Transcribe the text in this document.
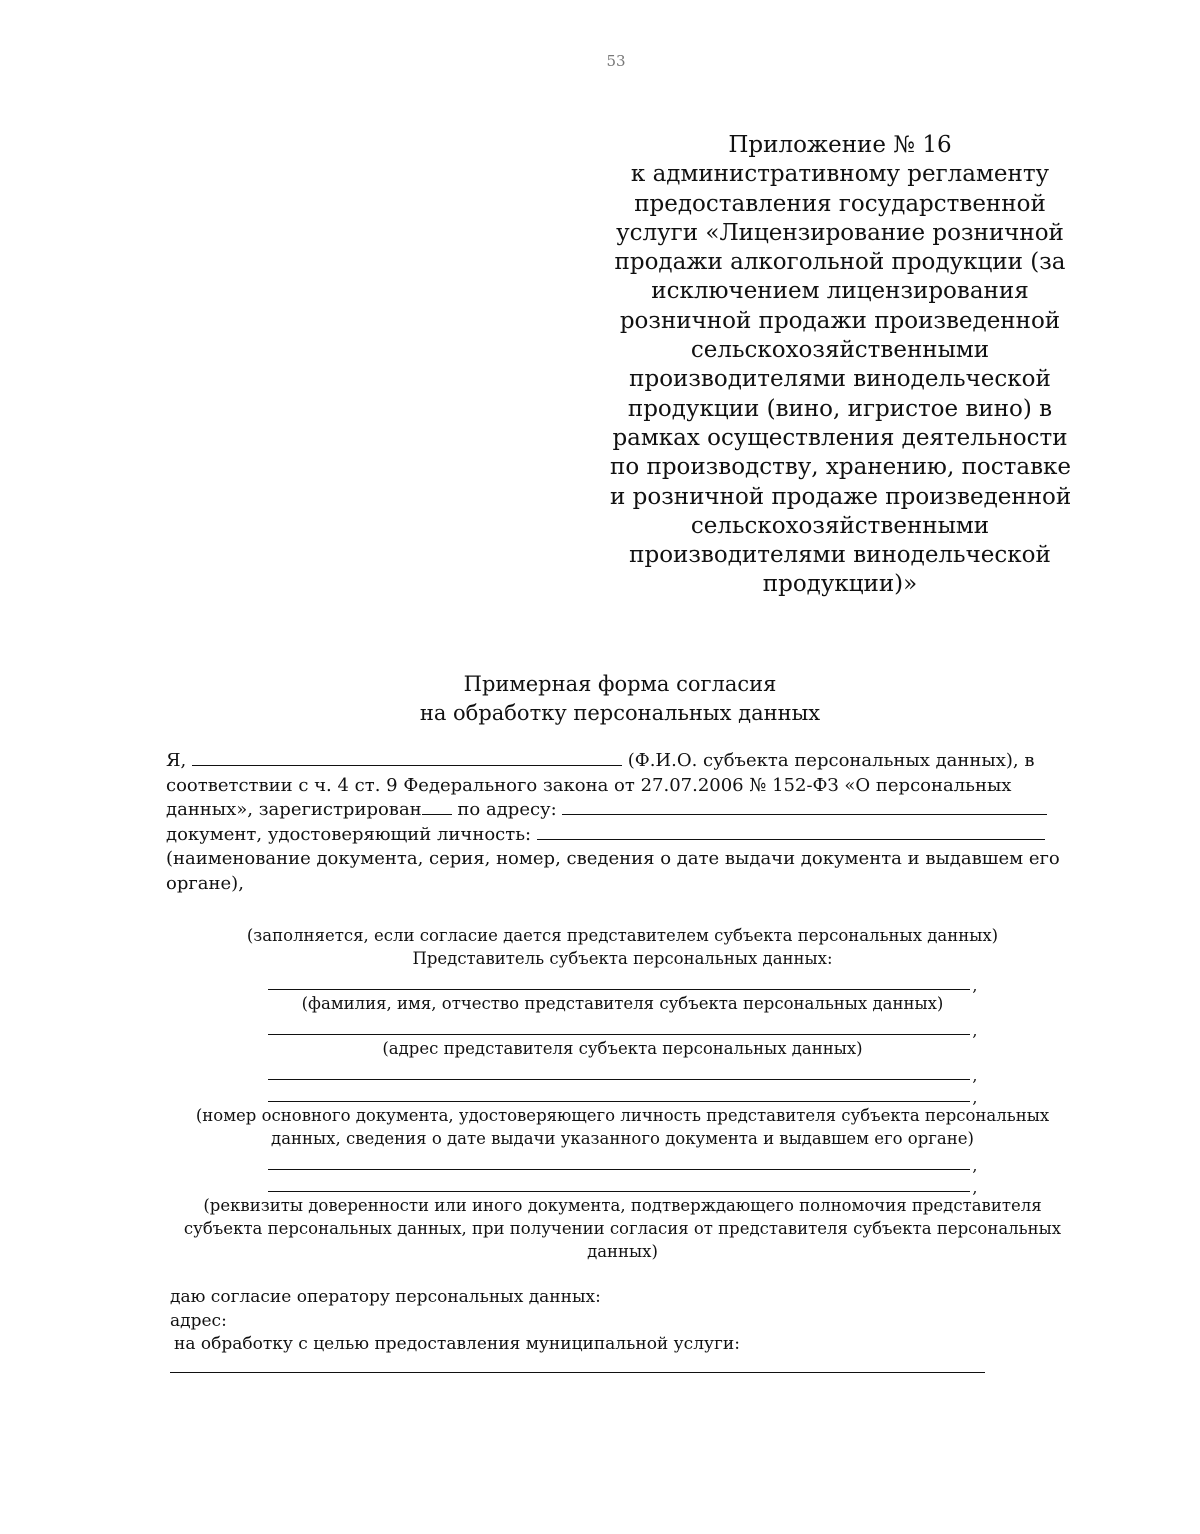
53
Приложение № 16
к административному регламенту
предоставления государственной
услуги «Лицензирование розничной
продажи алкогольной продукции (за
исключением лицензирования
розничной продажи произведенной
сельскохозяйственными
производителями винодельческой
продукции (вино, игристое вино) в
рамках осуществления деятельности
по производству, хранению, поставке
и розничной продаже произведенной
сельскохозяйственными
производителями винодельческой
продукции)»
Примерная форма согласия
на обработку персональных данных
Я,	(Ф.И.О. субъекта персональных данных), в
соответствии с ч. 4 ст. 9 Федерального закона от 27.07.2006 № 152-ФЗ «О персональных
данных», зарегистрирован по адресу:
документ, удостоверяющий личность:
(наименование документа, серия, номер, сведения о дате выдачи документа и выдавшем его
органе),
(заполняется, если согласие дается представителем субъекта персональных данных)
Представитель субъекта персональных данных:
,
(фамилия, имя, отчество представителя субъекта персональных данных)
,
(адрес представителя субъекта персональных данных)
,
,
(номер основного документа, удостоверяющего личность представителя субъекта персональных
данных, сведения о дате выдачи указанного документа и выдавшем его органе)
,
,
(реквизиты доверенности или иного документа, подтверждающего полномочия представителя
субъекта персональных данных, при получении согласия от представителя субъекта персональных
данных)
даю согласие оператору персональных данных:
адрес:
на обработку с целью предоставления муниципальной услуги:
